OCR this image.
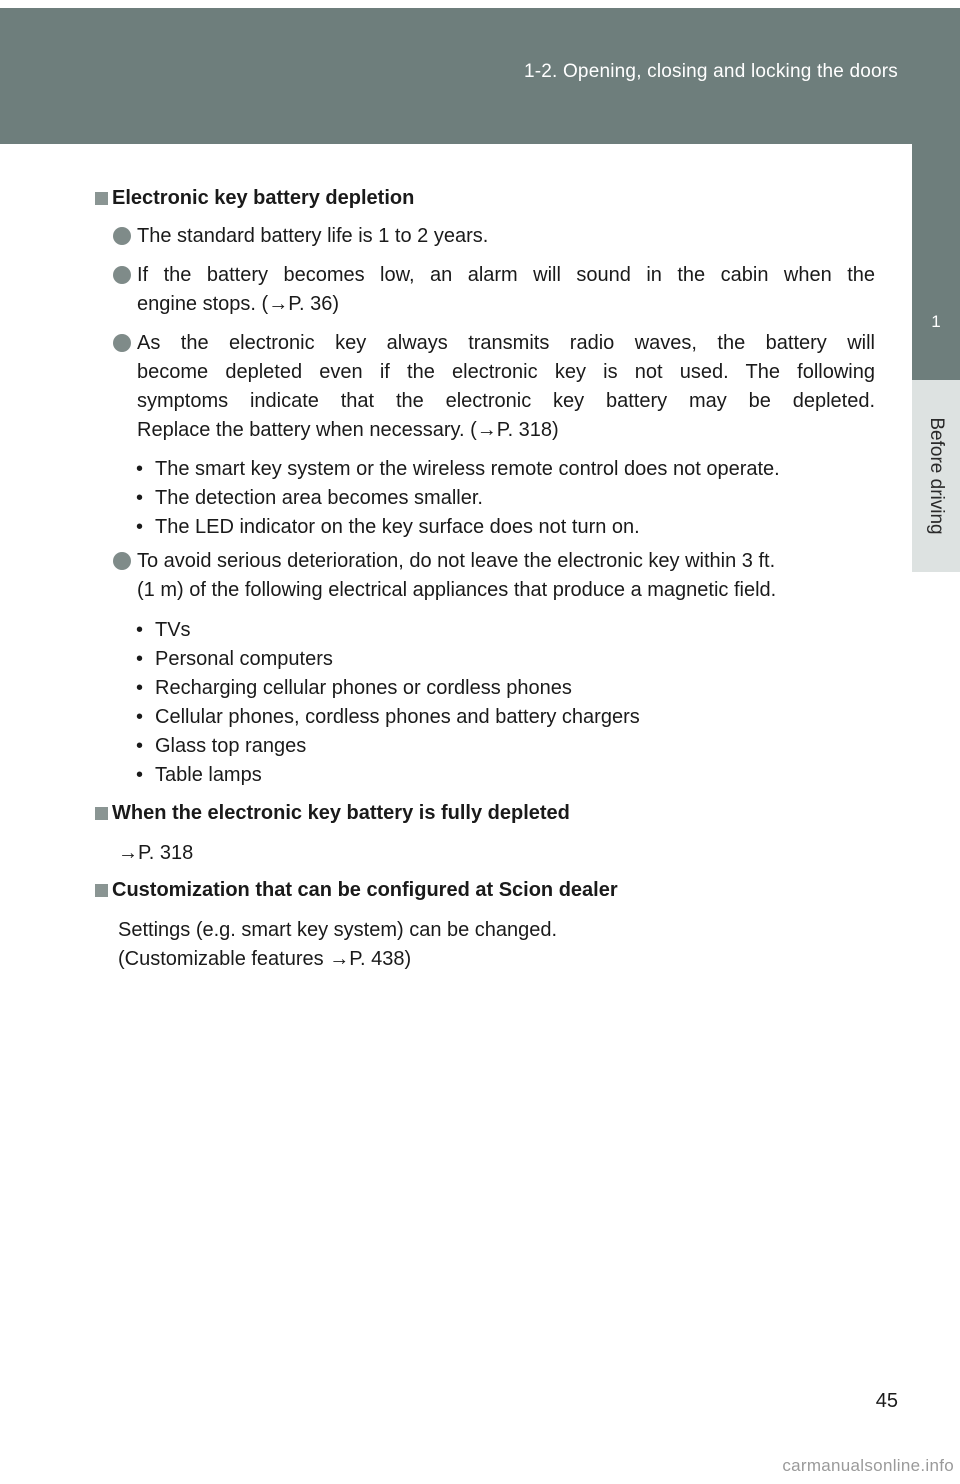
1-2. Opening, closing and locking the doors
1
Before driving
Electronic key battery depletion
The standard battery life is 1 to 2 years.
If the battery becomes low, an alarm will sound in the cabin when the
engine stops. (→P. 36)
As the electronic key always transmits radio waves, the battery will
become depleted even if the electronic key is not used. The following
symptoms indicate that the electronic key battery may be depleted.
Replace the battery when necessary. (→P. 318)
• The smart key system or the wireless remote control does not operate.
• The detection area becomes smaller.
• The LED indicator on the key surface does not turn on.
To avoid serious deterioration, do not leave the electronic key within 3 ft.
(1 m) of the following electrical appliances that produce a magnetic field.
• TVs
• Personal computers
• Recharging cellular phones or cordless phones
• Cellular phones, cordless phones and battery chargers
• Glass top ranges
• Table lamps
When the electronic key battery is fully depleted
→P. 318
Customization that can be configured at Scion dealer
Settings (e.g. smart key system) can be changed.
(Customizable features →P. 438)
45
carmanualsonline.info
